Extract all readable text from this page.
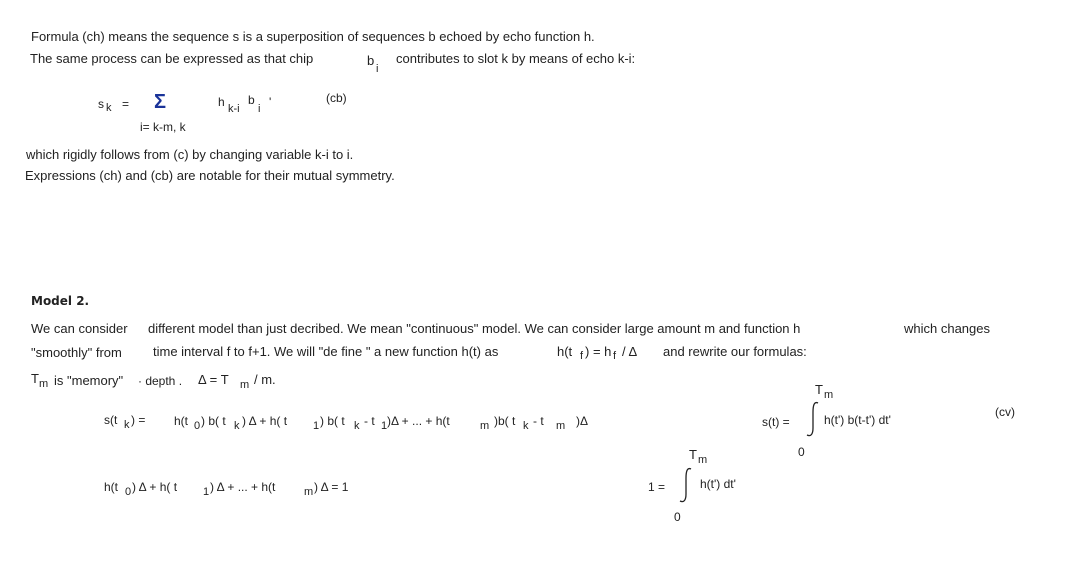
Formula (ch) means the sequence s is a superposition of sequences b echoed by echo function h.
The same process can be expressed as that chip	b
i
contributes to slot k by means of echo k-i:
s k = Σ	h k-i
b
i '	(cb)
i= k-m, k
which rigidly follows from (c) by changing variable k-i to i.
Expressions (ch) and (cb) are notable for their mutual symmetry.
Model 2.
We can consider different model than just decribed. We mean "continuous" model. We can consider large amount m and function h	which changes
"smoothly" from time interval f to f+1. We will "de fine " a new function h(t) as	h(t f ) = h f / Δ and rewrite our formulas:
T m is "memory" · depth . Δ = T m / m.
s(t k ) = h(t 0 ) b( t k ) Δ + h( t 1 ) b( t k - t 1 )Δ + ... + h(t	m )b( t k - t m )Δ
h(t 0 ) Δ + h( t 1 ) Δ + ... + h(t	m ) Δ = 1
T m
0
s(t) =	h(t') b(t-t') dt'
(cv)
T m
0
1 =	h(t') dt'
